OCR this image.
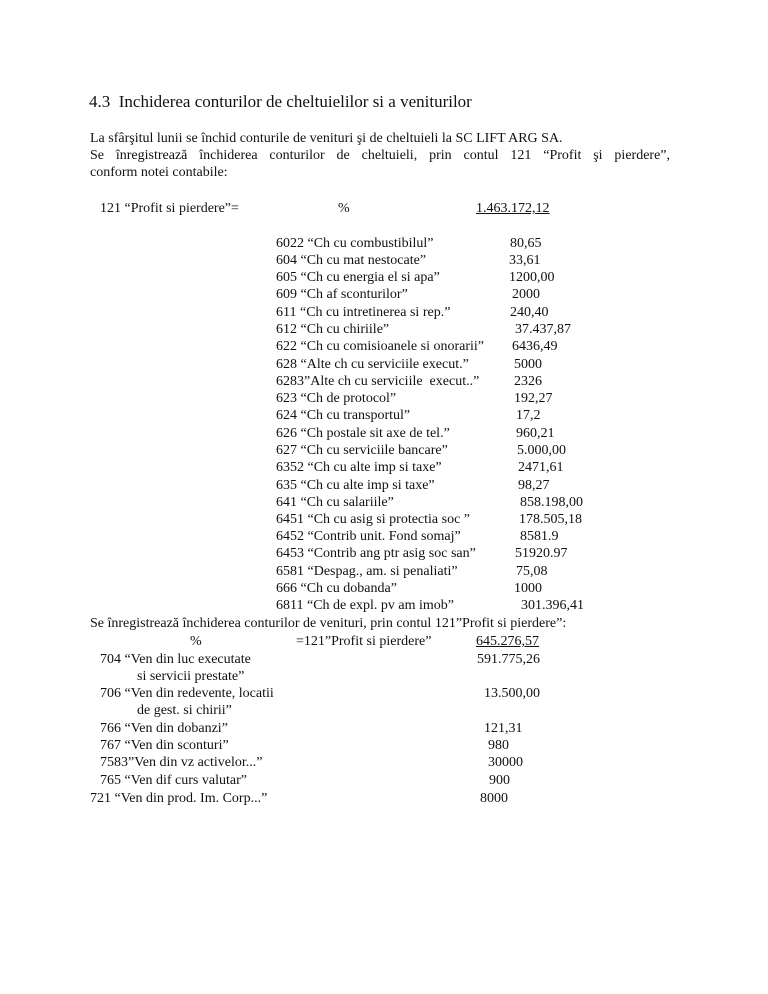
4.3 Inchiderea conturilor de cheltuielilor si a veniturilor
La sfârşitul lunii se închid conturile de venituri şi de cheltuieli la SC LIFT ARG SA.
Se înregistrează închiderea conturilor de cheltuieli, prin contul 121 “Profit şi pierdere”,
conform notei contabile:
121 “Profit si pierdere”=	%	1.463.172,12
6022 “Ch cu combustibilul”	80,65
604 “Ch cu mat nestocate”	33,61
605 “Ch cu energia el si apa”	1200,00
609 “Ch af sconturilor”	2000
611 “Ch cu intretinerea si rep.”	240,40
612 “Ch cu chiriile”	37.437,87
622 “Ch cu comisioanele si onorarii” 6436,49
628 “Alte ch cu serviciile execut.”	5000
6283”Alte ch cu serviciile  execut..” 2326
623 “Ch de protocol”	192,27
624 “Ch cu transportul”	17,2
626 “Ch postale sit axe de tel.”	960,21
627 “Ch cu serviciile bancare”	5.000,00
6352 “Ch cu alte imp si taxe”	2471,61
635 “Ch cu alte imp si taxe”	98,27
641 “Ch cu salariile”	858.198,00
6451 “Ch cu asig si protectia soc ”	178.505,18
6452 “Contrib unit. Fond somaj”	8581.9
6453 “Contrib ang ptr asig soc san”	51920.97
6581 “Despag., am. si penaliati”	75,08
666 “Ch cu dobanda”	1000
6811 “Ch de expl. pv am imob”	301.396,41
Se înregistrează închiderea conturilor de venituri, prin contul 121”Profit si pierdere”:
%	=121”Profit si pierdere”	645.276,57
704 “Ven din luc executate	591.775,26
si servicii prestate”
706 “Ven din redevente, locatii	13.500,00
de gest. si chirii”
766 “Ven din dobanzi”	121,31
767 “Ven din sconturi”	980
7583”Ven din vz activelor...”	30000
765 “Ven dif curs valutar”	900
721 “Ven din prod. Im. Corp...”	8000
